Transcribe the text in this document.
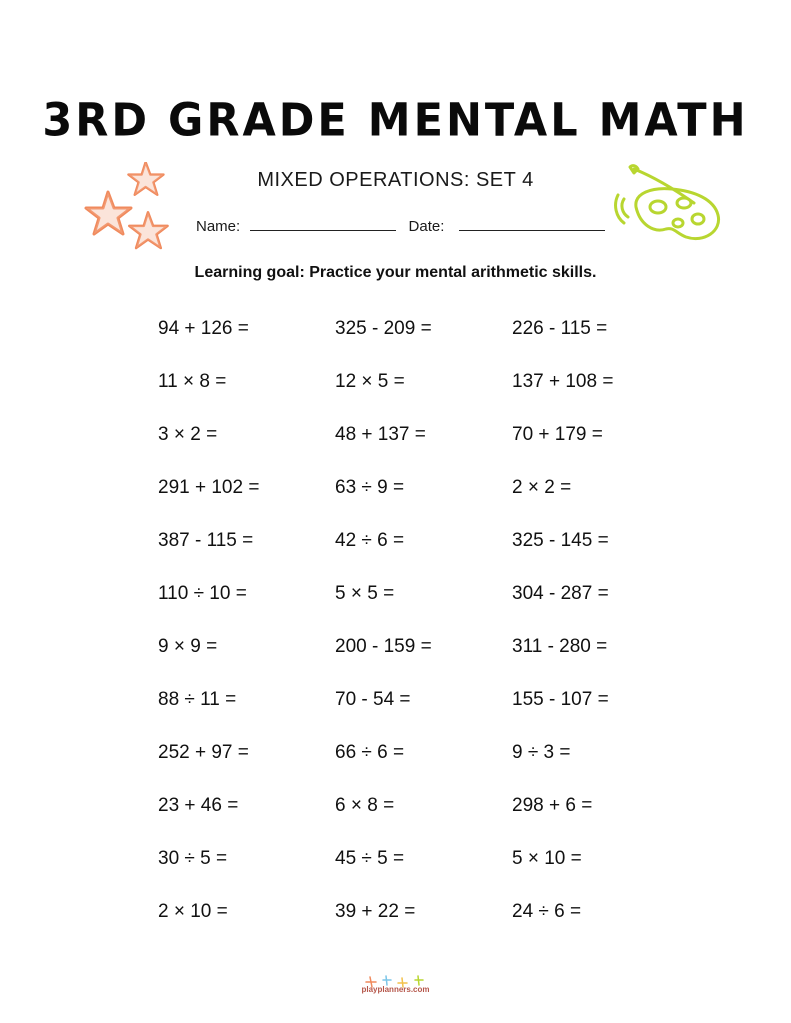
3RD GRADE MENTAL MATH
MIXED OPERATIONS: SET 4
Name:	Date:
Learning goal: Practice your mental arithmetic skills.
94 + 126 =	325 - 209 =	226 - 115 =
11 × 8 =	12 × 5 =	137 + 108 =
3 × 2 =	48 + 137 =	70 + 179 =
291 + 102 =	63 ÷ 9 =	2 × 2 =
387 - 115 =	42 ÷ 6 =	325 - 145 =
110 ÷ 10 =	5 × 5 =	304 - 287 =
9 × 9 =	200 - 159 =	311 - 280 =
88 ÷ 11 =	70 - 54 =	155 - 107 =
252 + 97 =	66 ÷ 6 =	9 ÷ 3 =
23 + 46 =	6 × 8 =	298 + 6 =
30 ÷ 5 =	45 ÷ 5 =	5 × 10 =
2 × 10 =	39 + 22 =	24 ÷ 6 =
playplanners.com
